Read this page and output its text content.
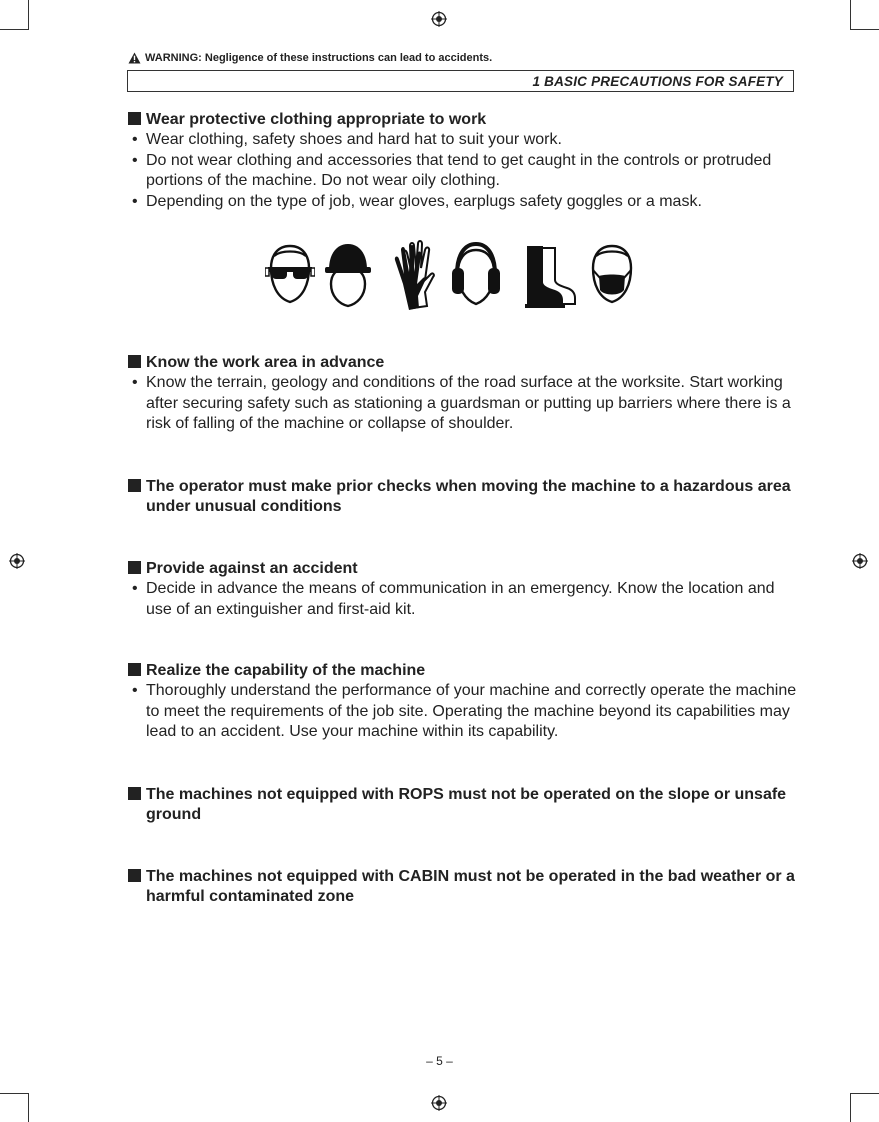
WARNING: Negligence of these instructions can lead to accidents.
1 BASIC PRECAUTIONS FOR SAFETY
Wear protective clothing appropriate to work
• Wear clothing, safety shoes and hard hat to suit your work.
• Do not wear clothing and accessories that tend to get caught in the controls or protruded portions of the machine. Do not wear oily clothing.
• Depending on the type of job, wear gloves, earplugs safety goggles or a mask.
Know the work area in advance
• Know the terrain, geology and conditions of the road surface at the worksite. Start working after securing safety such as stationing a guardsman or putting up barriers where there is a risk of falling of the machine or collapse of shoulder.
The operator must make prior checks when moving the machine to a hazardous area under unusual conditions
Provide against an accident
• Decide in advance the means of communication in an emergency. Know the location and use of an extinguisher and first-aid kit.
Realize the capability of the machine
• Thoroughly understand the performance of your machine and correctly operate the machine to meet the requirements of the job site. Operating the machine beyond its capabilities may lead to an accident. Use your machine within its capability.
The machines not equipped with ROPS must not be operated on the slope or unsafe ground
The machines not equipped with CABIN must not be operated in the bad weather or a harmful contaminated zone
– 5 –
